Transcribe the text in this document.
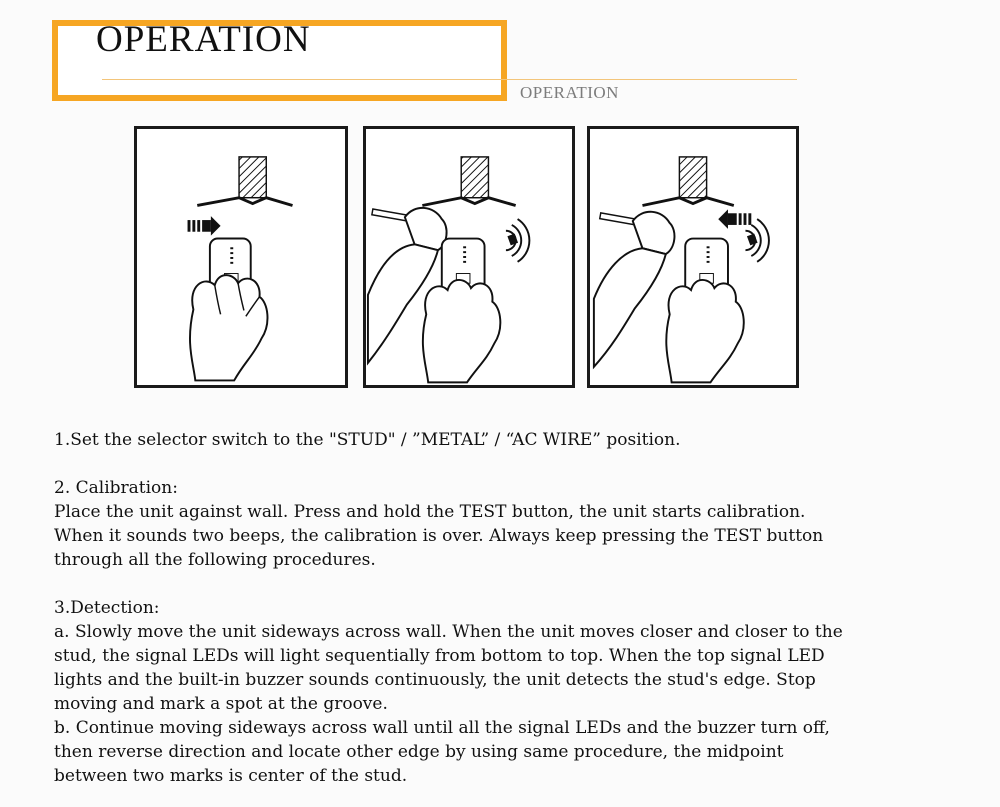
OPERATION
OPERATION

1.Set the selector switch to the "STUD" / ”METAL” / “AC WIRE” position.

2. Calibration:

Place the unit against wall. Press and hold the TEST button, the unit starts calibration.

When it sounds two beeps, the calibration is over. Always keep pressing the TEST button

through all the following procedures.

3.Detection:

a. Slowly move the unit sideways across wall. When the unit moves closer and closer to the

stud, the signal LEDs will light sequentially from bottom to top. When the top signal LED

lights and the built-in buzzer sounds continuously, the unit detects the stud's edge. Stop

moving and mark a spot at the groove.

b. Continue moving sideways across wall until all the signal LEDs and the buzzer turn off,

then reverse direction and locate other edge by using same procedure, the midpoint

between two marks is center of the stud.
